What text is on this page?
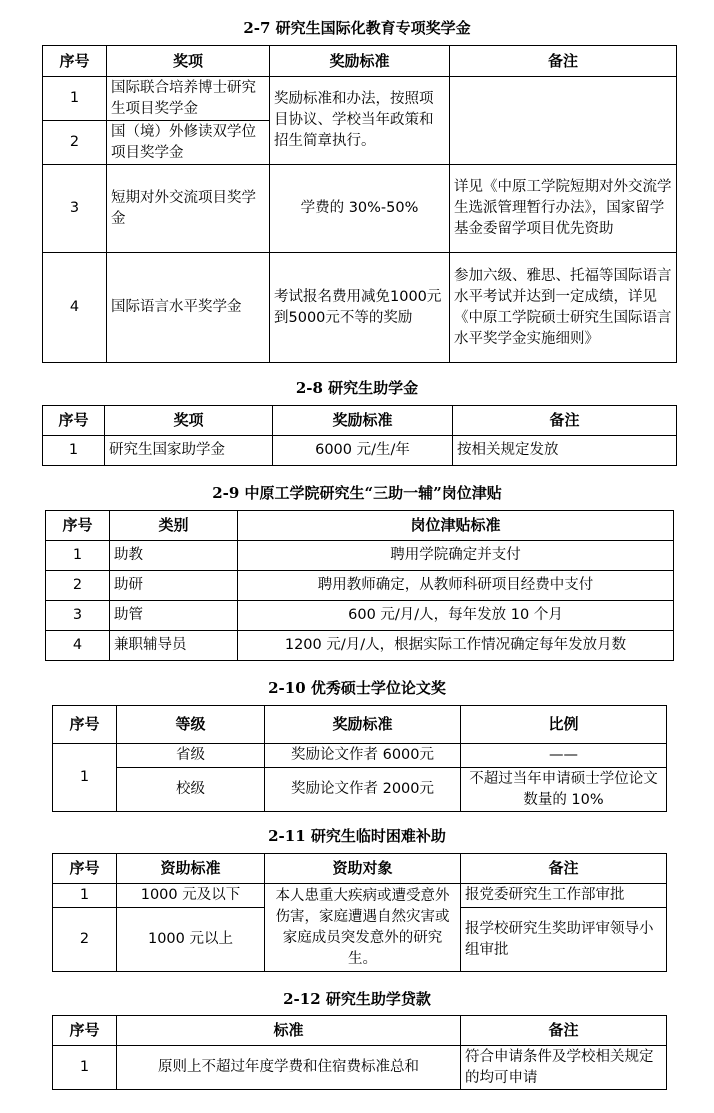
2-7 研究生国际化教育专项奖学金
序号	奖项	奖励标准	备注
1	国际联合培养博士研究生项目奖学金	奖励标准和办法，按照项目协议、学校当年政策和招生简章执行。	
2	国（境）外修读双学位项目奖学金		
3	短期对外交流项目奖学金	学费的 30%-50%	详见《中原工学院短期对外交流学生选派管理暂行办法》，国家留学基金委留学项目优先资助
4	国际语言水平奖学金	考试报名费用减免1000元到5000元不等的奖励	参加六级、雅思、托福等国际语言水平考试并达到一定成绩，详见《中原工学院硕士研究生国际语言水平奖学金实施细则》
2-8 研究生助学金
序号	奖项	奖励标准	备注
1	研究生国家助学金	6000 元/生/年	按相关规定发放
2-9 中原工学院研究生“三助一辅”岗位津贴
序号	类别	岗位津贴标准
1	助教	聘用学院确定并支付
2	助研	聘用教师确定，从教师科研项目经费中支付
3	助管	600 元/月/人，每年发放 10 个月
4	兼职辅导员	1200 元/月/人，根据实际工作情况确定每年发放月数
2-10 优秀硕士学位论文奖
序号	等级	奖励标准	比例
1	省级	奖励论文作者 6000元	——
	校级	奖励论文作者 2000元	不超过当年申请硕士学位论文数量的 10%
2-11 研究生临时困难补助
序号	资助标准	资助对象	备注
1	1000 元及以下	本人患重大疾病或遭受意外伤害，家庭遭遇自然灾害或家庭成员突发意外的研究生。	报党委研究生工作部审批
2	1000 元以上		报学校研究生奖助评审领导小组审批
2-12 研究生助学贷款
序号	标准	备注
1	原则上不超过年度学费和住宿费标准总和	符合申请条件及学校相关规定的均可申请
